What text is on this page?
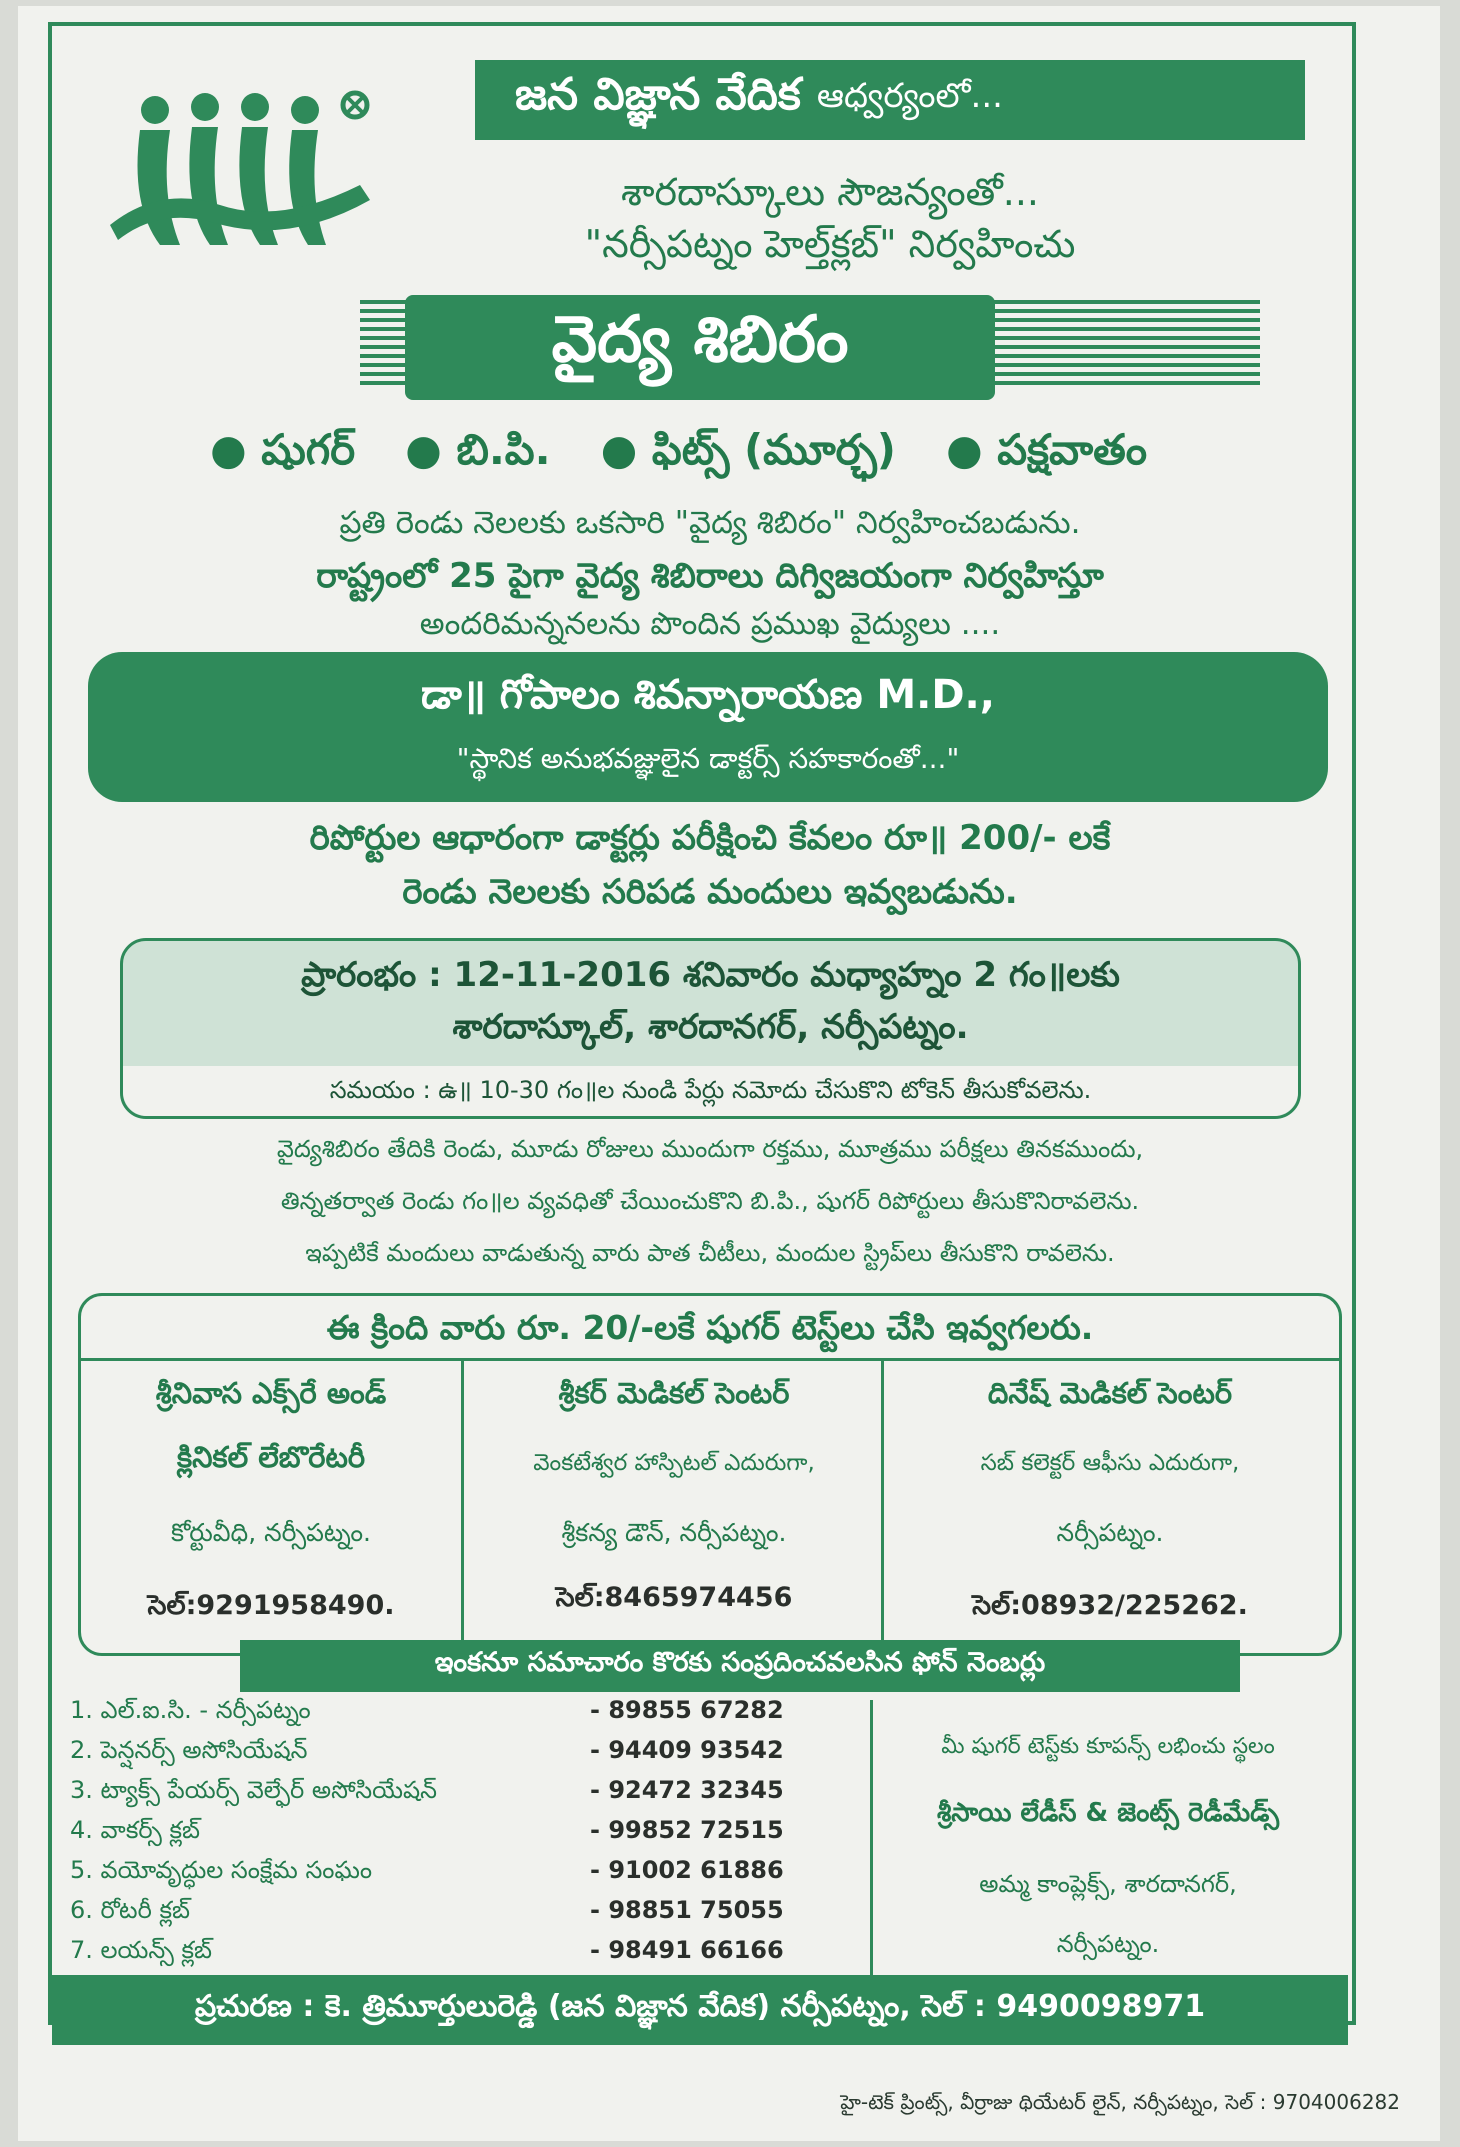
జన విజ్ఞాన వేదిక ఆధ్వర్యంలో...
శారదాస్కూలు సౌజన్యంతో...
"నర్సీపట్నం హెల్త్‌క్లబ్" నిర్వహించు
వైద్య శిబిరం
● షుగర్ ● బి.పి. ● ఫిట్స్ (మూర్ఛ) ● పక్షవాతం
ప్రతి రెండు నెలలకు ఒకసారి "వైద్య శిబిరం" నిర్వహించబడును.
రాష్ట్రంలో 25 పైగా వైద్య శిబిరాలు దిగ్విజయంగా నిర్వహిస్తూ
అందరిమన్ననలను పొందిన ప్రముఖ వైద్యులు ....
డా॥ గోపాలం శివన్నారాయణ M.D.,
"స్థానిక అనుభవజ్ఞులైన డాక్టర్స్ సహకారంతో..."
రిపోర్టుల ఆధారంగా డాక్టర్లు పరీక్షించి కేవలం రూ॥ 200/- లకే
రెండు నెలలకు సరిపడ మందులు ఇవ్వబడును.
ప్రారంభం : 12-11-2016 శనివారం మధ్యాహ్నం 2 గం॥లకు
శారదాస్కూల్, శారదానగర్, నర్సీపట్నం.
సమయం : ఉ॥ 10-30 గం॥ల నుండి పేర్లు నమోదు చేసుకొని టోకెన్ తీసుకోవలెను.
వైద్యశిబిరం తేదికి రెండు, మూడు రోజులు ముందుగా రక్తము, మూత్రము పరీక్షలు తినకముందు,
తిన్నతర్వాత రెండు గం॥ల వ్యవధితో చేయించుకొని బి.పి., షుగర్ రిపోర్టులు తీసుకొనిరావలెను.
ఇప్పటికే మందులు వాడుతున్న వారు పాత చీటీలు, మందుల స్ట్రిప్‌లు తీసుకొని రావలెను.
ఈ క్రింది వారు రూ. 20/-లకే షుగర్ టెస్ట్‌లు చేసి ఇవ్వగలరు.
శ్రీనివాస ఎక్స్‌రే అండ్
క్లినికల్ లేబొరేటరీ
కోర్టువీధి, నర్సీపట్నం.
సెల్:9291958490.
శ్రీకర్ మెడికల్ సెంటర్
వెంకటేశ్వర హాస్పిటల్ ఎదురుగా,
శ్రీకన్య డౌన్, నర్సీపట్నం.
సెల్:8465974456
దినేష్ మెడికల్ సెంటర్
సబ్ కలెక్టర్ ఆఫీసు ఎదురుగా,
నర్సీపట్నం.
సెల్:08932/225262.
ఇంకనూ సమాచారం కొరకు సంప్రదించవలసిన ఫోన్ నెంబర్లు
1. ఎల్.ఐ.సి. - నర్సీపట్నం	- 89855 67282
2. పెన్షనర్స్ అసోసియేషన్	- 94409 93542
3. ట్యాక్స్ పేయర్స్ వెల్ఫేర్ అసోసియేషన్	- 92472 32345
4. వాకర్స్ క్లబ్	- 99852 72515
5. వయోవృద్ధుల సంక్షేమ సంఘం	- 91002 61886
6. రోటరీ క్లబ్	- 98851 75055
7. లయన్స్ క్లబ్	- 98491 66166
మీ షుగర్ టెస్ట్‌కు కూపన్స్ లభించు స్థలం
శ్రీసాయి లేడీస్ & జెంట్స్ రెడీమేడ్స్
అమ్మ కాంప్లెక్స్, శారదానగర్,
నర్సీపట్నం.
ప్రచురణ : కె. త్రిమూర్తులురెడ్డి (జన విజ్ఞాన వేదిక) నర్సీపట్నం, సెల్ : 9490098971
హై-టెక్ ప్రింట్స్, వీర్రాజు థియేటర్ లైన్, నర్సీపట్నం, సెల్ : 9704006282
